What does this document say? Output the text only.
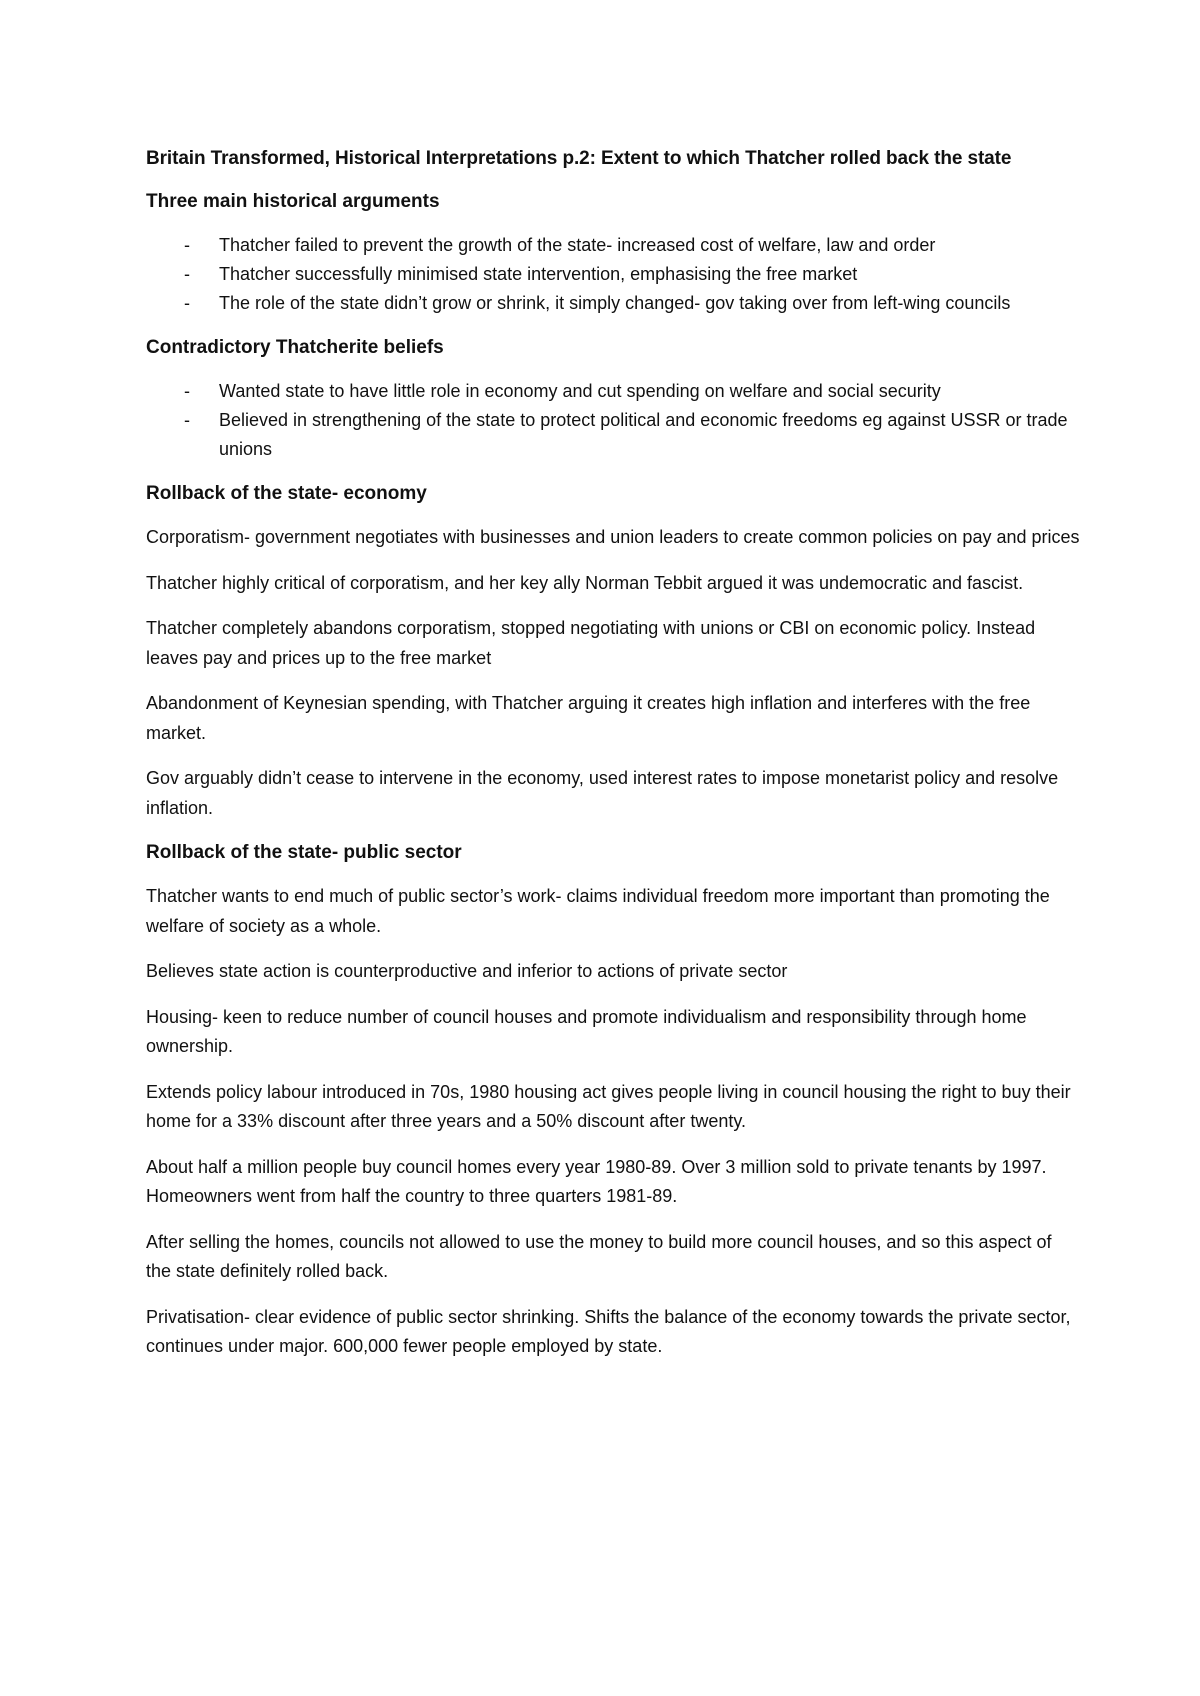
Britain Transformed, Historical Interpretations p.2: Extent to which Thatcher rolled back the state
Three main historical arguments
- Thatcher failed to prevent the growth of the state- increased cost of welfare, law and order
- Thatcher successfully minimised state intervention, emphasising the free market
- The role of the state didn’t grow or shrink, it simply changed- gov taking over from left-wing councils
Contradictory Thatcherite beliefs
- Wanted state to have little role in economy and cut spending on welfare and social security
- Believed in strengthening of the state to protect political and economic freedoms eg against USSR or trade unions
Rollback of the state- economy

Corporatism- government negotiates with businesses and union leaders to create common policies on pay and prices

Thatcher highly critical of corporatism, and her key ally Norman Tebbit argued it was undemocratic and fascist.

Thatcher completely abandons corporatism, stopped negotiating with unions or CBI on economic policy. Instead leaves pay and prices up to the free market

Abandonment of Keynesian spending, with Thatcher arguing it creates high inflation and interferes with the free market.

Gov arguably didn’t cease to intervene in the economy, used interest rates to impose monetarist policy and resolve inflation.

Rollback of the state- public sector

Thatcher wants to end much of public sector’s work- claims individual freedom more important than promoting the welfare of society as a whole.

Believes state action is counterproductive and inferior to actions of private sector

Housing- keen to reduce number of council houses and promote individualism and responsibility through home ownership.

Extends policy labour introduced in 70s, 1980 housing act gives people living in council housing the right to buy their home for a 33% discount after three years and a 50% discount after twenty.

About half a million people buy council homes every year 1980-89. Over 3 million sold to private tenants by 1997. Homeowners went from half the country to three quarters 1981-89.

After selling the homes, councils not allowed to use the money to build more council houses, and so this aspect of the state definitely rolled back.

Privatisation- clear evidence of public sector shrinking. Shifts the balance of the economy towards the private sector, continues under major. 600,000 fewer people employed by state.
